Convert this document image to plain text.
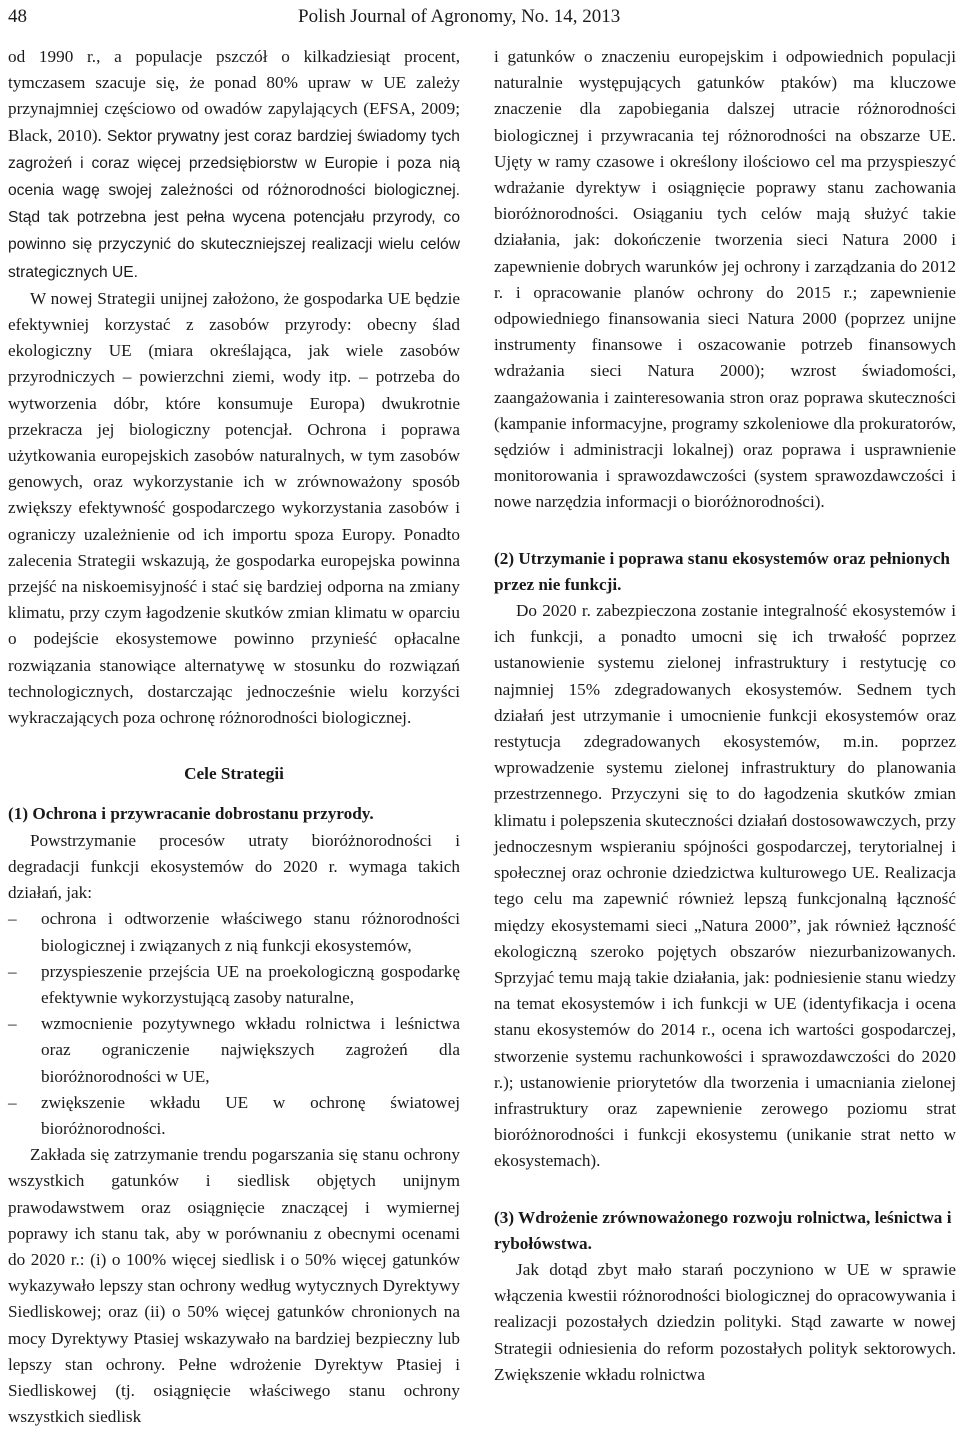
48	Polish Journal of Agronomy, No. 14, 2013

od 1990 r., a populacje pszczół o kilkadziesiąt procent, tymczasem szacuje się, że ponad 80% upraw w UE zależy przynajmniej częściowo od owadów zapylających (EFSA, 2009; Black, 2010). Sektor prywatny jest coraz bardziej świadomy tych zagrożeń i coraz więcej przedsiębiorstw w Europie i poza nią ocenia wagę swojej zależności od różnorodności biologicznej. Stąd tak potrzebna jest pełna wycena potencjału przyrody, co powinno się przyczynić do skuteczniejszej realizacji wielu celów strategicznych UE.

W nowej Strategii unijnej założono, że gospodarka UE będzie efektywniej korzystać z zasobów przyrody: obecny ślad ekologiczny UE (miara określająca, jak wiele zasobów przyrodniczych – powierzchni ziemi, wody itp. – potrzeba do wytworzenia dóbr, które konsumuje Europa) dwukrotnie przekracza jej biologiczny potencjał. Ochrona i poprawa użytkowania europejskich zasobów naturalnych, w tym zasobów genowych, oraz wykorzystanie ich w zrównoważony sposób zwiększy efektywność gospodarczego wykorzystania zasobów i ograniczy uzależnienie od ich importu spoza Europy. Ponadto zalecenia Strategii wskazują, że gospodarka europejska powinna przejść na niskoemisyjność i stać się bardziej odporna na zmiany klimatu, przy czym łagodzenie skutków zmian klimatu w oparciu o podejście ekosystemowe powinno przynieść opłacalne rozwiązania stanowiące alternatywę w stosunku do rozwiązań technologicznych, dostarczając jednocześnie wielu korzyści wykraczających poza ochronę różnorodności biologicznej.

Cele Strategii

(1) Ochrona i przywracanie dobrostanu przyrody.

Powstrzymanie procesów utraty bioróżnorodności i degradacji funkcji ekosystemów do 2020 r. wymaga takich działań, jak:

– ochrona i odtworzenie właściwego stanu różnorodności biologicznej i związanych z nią funkcji ekosystemów,
– przyspieszenie przejścia UE na proekologiczną gospodarkę efektywnie wykorzystującą zasoby naturalne,
– wzmocnienie pozytywnego wkładu rolnictwa i leśnictwa oraz ograniczenie największych zagrożeń dla bioróżnorodności w UE,
– zwiększenie wkładu UE w ochronę światowej bioróżnorodności.

Zakłada się zatrzymanie trendu pogarszania się stanu ochrony wszystkich gatunków i siedlisk objętych unijnym prawodawstwem oraz osiągnięcie znaczącej i wymiernej poprawy ich stanu tak, aby w porównaniu z obecnymi ocenami do 2020 r.: (i) o 100% więcej siedlisk i o 50% więcej gatunków wykazywało lepszy stan ochrony według wytycznych Dyrektywy Siedliskowej; oraz (ii) o 50% więcej gatunków chronionych na mocy Dyrektywy Ptasiej wskazywało na bardziej bezpieczny lub lepszy stan ochrony. Pełne wdrożenie Dyrektyw Ptasiej i Siedliskowej (tj. osiągnięcie właściwego stanu ochrony wszystkich siedlisk

i gatunków o znaczeniu europejskim i odpowiednich populacji naturalnie występujących gatunków ptaków) ma kluczowe znaczenie dla zapobiegania dalszej utracie różnorodności biologicznej i przywracania tej różnorodności na obszarze UE. Ujęty w ramy czasowe i określony ilościowo cel ma przyspieszyć wdrażanie dyrektyw i osiągnięcie poprawy stanu zachowania bioróżnorodności. Osiąganiu tych celów mają służyć takie działania, jak: dokończenie tworzenia sieci Natura 2000 i zapewnienie dobrych warunków jej ochrony i zarządzania do 2012 r. i opracowanie planów ochrony do 2015 r.; zapewnienie odpowiedniego finansowania sieci Natura 2000 (poprzez unijne instrumenty finansowe i oszacowanie potrzeb finansowych wdrażania sieci Natura 2000); wzrost świadomości, zaangażowania i zainteresowania stron oraz poprawa skuteczności (kampanie informacyjne, programy szkoleniowe dla prokuratorów, sędziów i administracji lokalnej) oraz poprawa i usprawnienie monitorowania i sprawozdawczości (system sprawozdawczości i nowe narzędzia informacji o bioróżnorodności).

(2) Utrzymanie i poprawa stanu ekosystemów oraz pełnionych przez nie funkcji.

Do 2020 r. zabezpieczona zostanie integralność ekosystemów i ich funkcji, a ponadto umocni się ich trwałość poprzez ustanowienie systemu zielonej infrastruktury i restytucję co najmniej 15% zdegradowanych ekosystemów. Sednem tych działań jest utrzymanie i umocnienie funkcji ekosystemów oraz restytucja zdegradowanych ekosystemów, m.in. poprzez wprowadzenie systemu zielonej infrastruktury do planowania przestrzennego. Przyczyni się to do łagodzenia skutków zmian klimatu i polepszenia skuteczności działań dostosowawczych, przy jednoczesnym wspieraniu spójności gospodarczej, terytorialnej i społecznej oraz ochronie dziedzictwa kulturowego UE. Realizacja tego celu ma zapewnić również lepszą funkcjonalną łączność między ekosystemami sieci „Natura 2000”, jak również łączność ekologiczną szeroko pojętych obszarów niezurbanizowanych. Sprzyjać temu mają takie działania, jak: podniesienie stanu wiedzy na temat ekosystemów i ich funkcji w UE (identyfikacja i ocena stanu ekosystemów do 2014 r., ocena ich wartości gospodarczej, stworzenie systemu rachunkowości i sprawozdawczości do 2020 r.); ustanowienie priorytetów dla tworzenia i umacniania zielonej infrastruktury oraz zapewnienie zerowego poziomu strat bioróżnorodności i funkcji ekosystemu (unikanie strat netto w ekosystemach).

(3) Wdrożenie zrównoważonego rozwoju rolnictwa, leśnictwa i rybołówstwa.

Jak dotąd zbyt mało starań poczyniono w UE w sprawie włączenia kwestii różnorodności biologicznej do opracowywania i realizacji pozostałych dziedzin polityki. Stąd zawarte w nowej Strategii odniesienia do reform pozostałych polityk sektorowych. Zwiększenie wkładu rolnictwa
